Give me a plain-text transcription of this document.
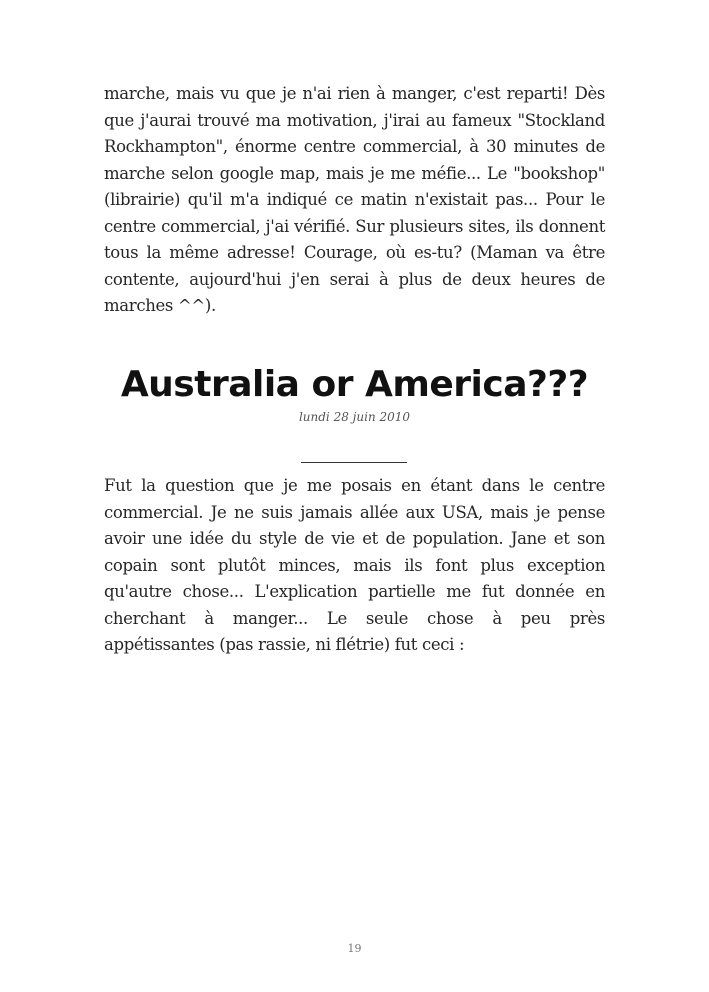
marche, mais vu que je n'ai rien à manger, c'est reparti! Dès que j'aurai trouvé ma motivation, j'irai au fameux "Stockland Rockhampton", énorme centre commercial, à 30 minutes de marche selon google map, mais je me méfie... Le "bookshop" (librairie) qu'il m'a indiqué ce matin n'existait pas... Pour le centre commercial, j'ai vérifié. Sur plusieurs sites, ils donnent tous la même adresse! Courage, où es-tu? (Maman va être contente, aujourd'hui j'en serai à plus de deux heures de marches ^^).

Australia or America???
lundi 28 juin 2010

Fut la question que je me posais en étant dans le centre commercial. Je ne suis jamais allée aux USA, mais je pense avoir une idée du style de vie et de population. Jane et son copain sont plutôt minces, mais ils font plus exception qu'autre chose... L'explication partielle me fut donnée en cherchant à manger... Le seule chose à peu près appétissantes (pas rassie, ni flétrie) fut ceci :

19
